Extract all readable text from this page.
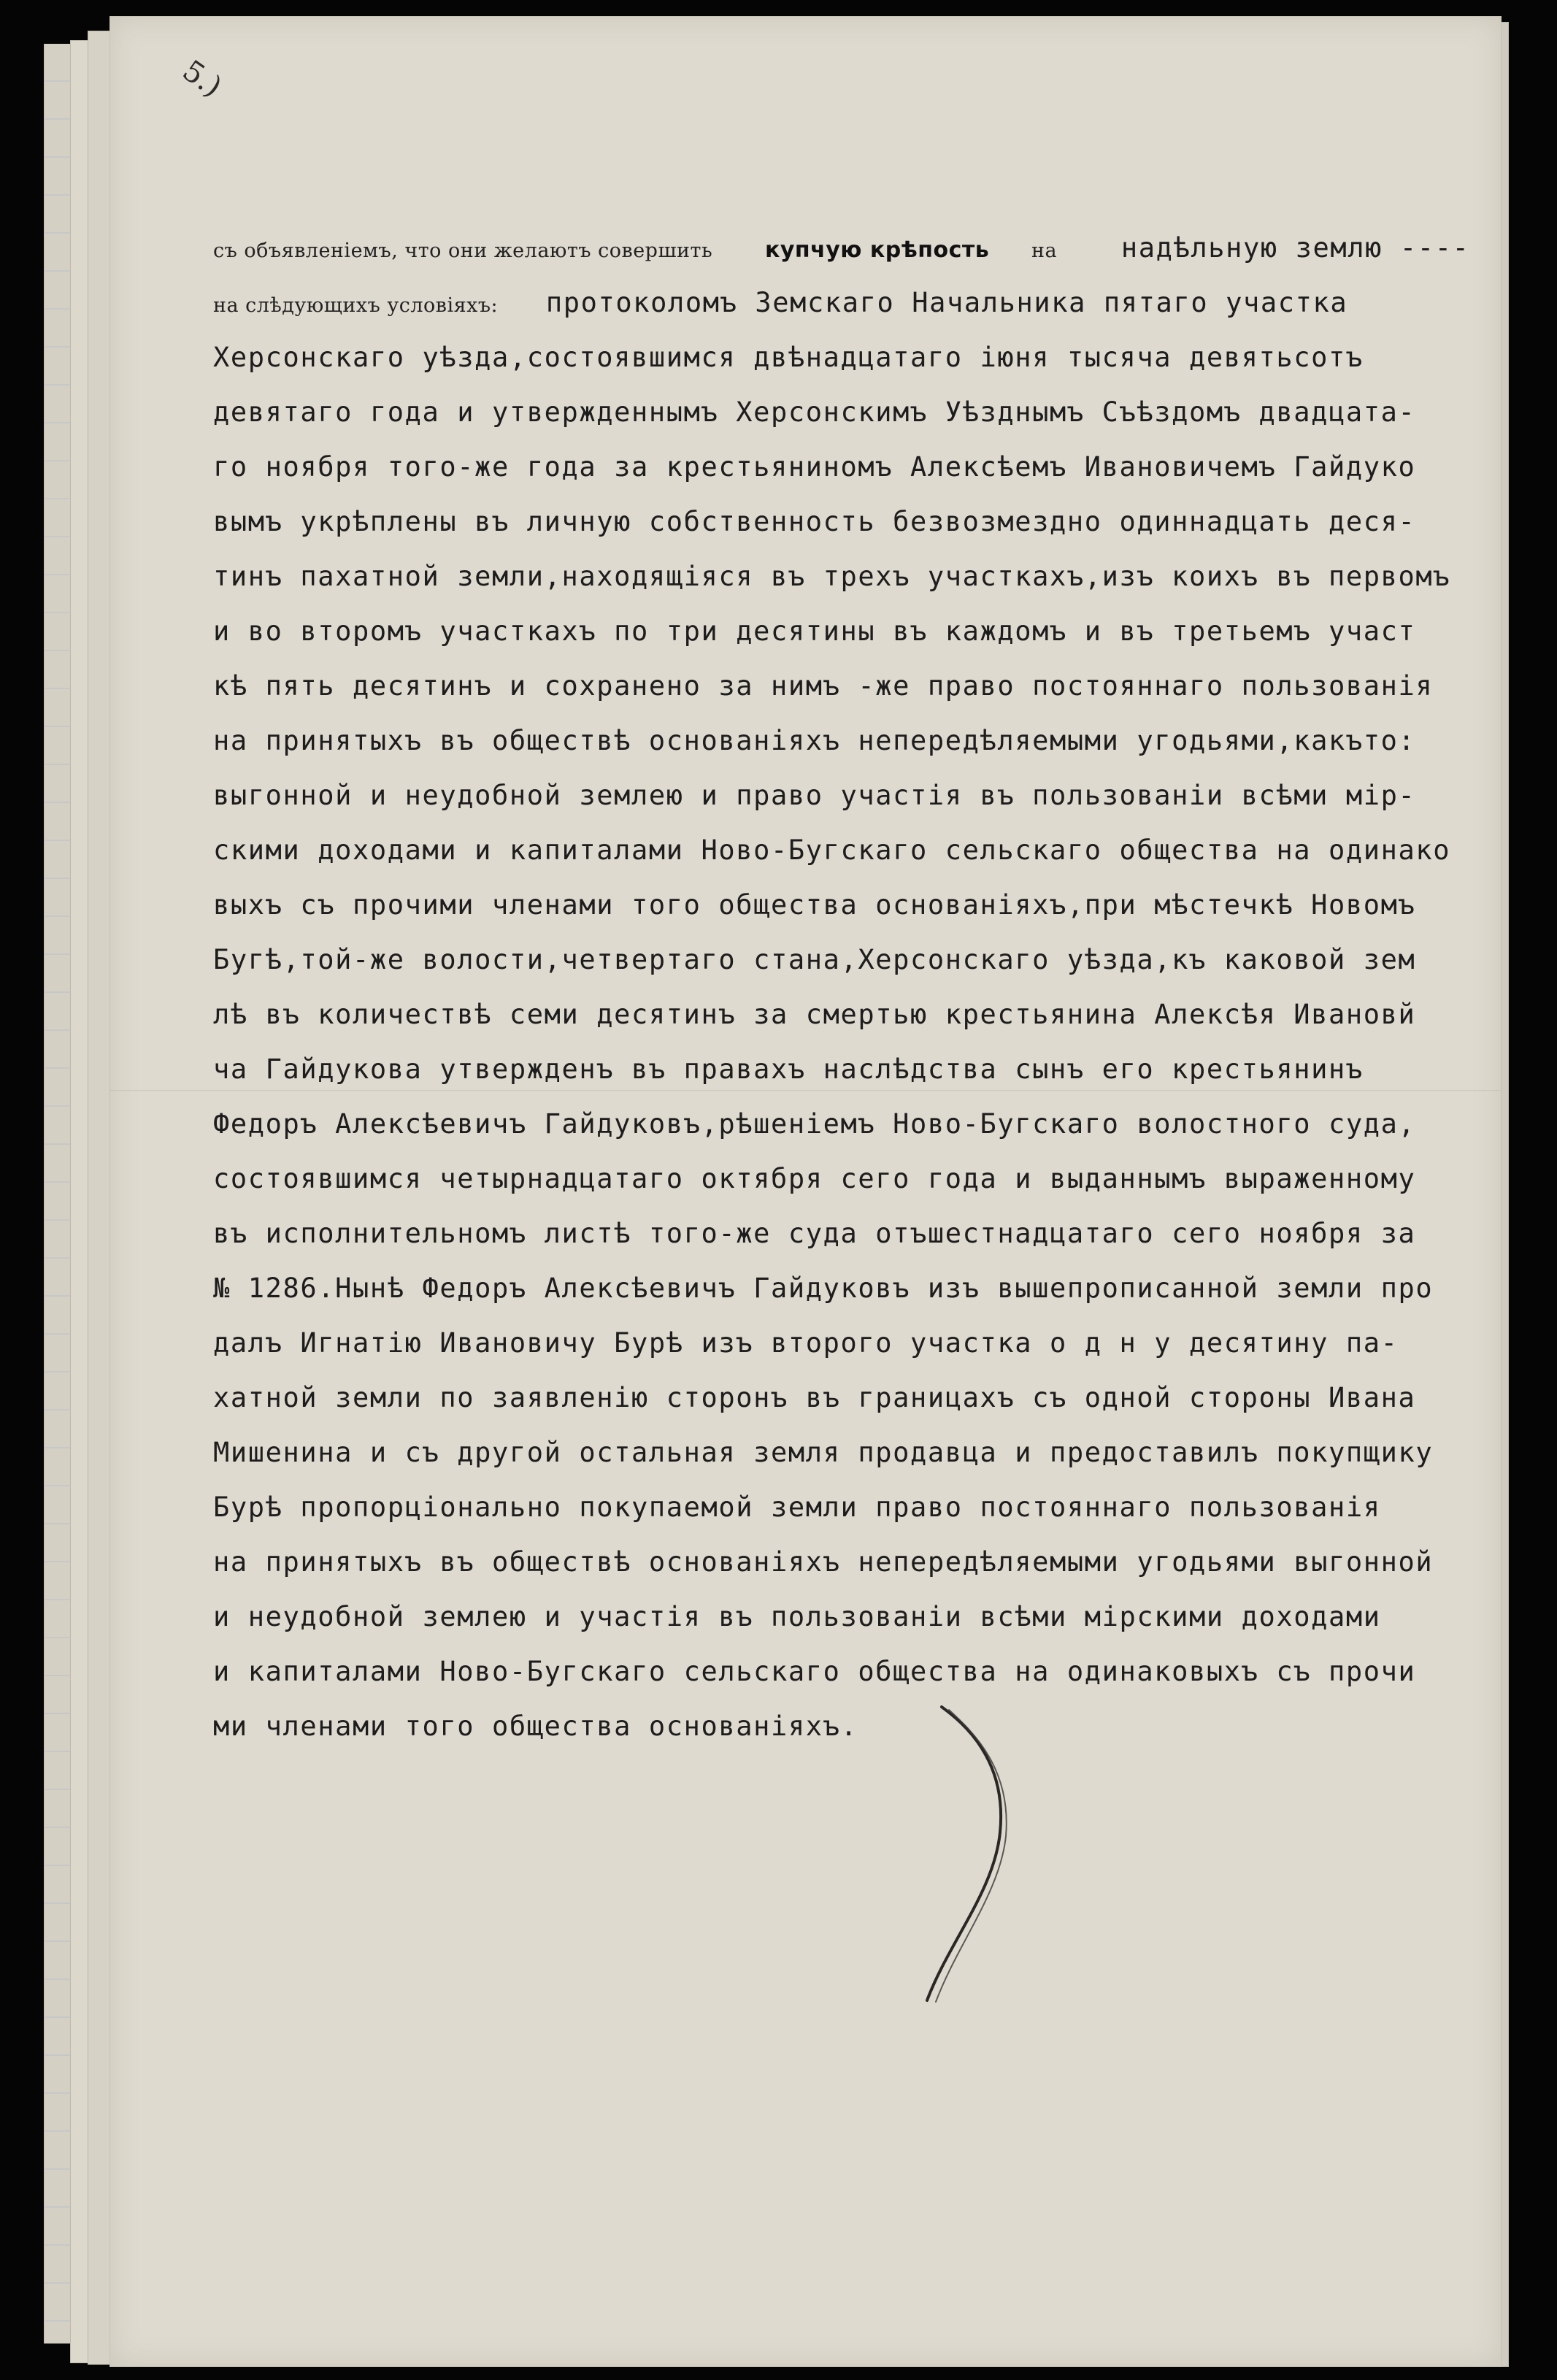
5.)

съ объявленіемъ, что они желаютъ совершить купчую крѣпость на надѣльную землю ----
на слѣдующихъ условіяхъ: протоколомъ Земскаго Начальника пятаго участка
Херсонскаго уѣзда,состоявшимся двѣнадцатаго іюня тысяча девятьсотъ
девятаго года и утвержденнымъ Херсонскимъ Уѣзднымъ Съѣздомъ двадцата-
го ноября того-же года за крестьяниномъ Алексѣемъ Ивановичемъ Гайдуко
вымъ укрѣплены въ личную собственность безвозмездно одиннадцать деся-
тинъ пахатной земли,находящіяся въ трехъ участкахъ,изъ коихъ въ первомъ
и во второмъ участкахъ по три десятины въ каждомъ и въ третьемъ участ
кѣ пять десятинъ и сохранено за нимъ -же право постояннаго пользованія
на принятыхъ въ обществѣ основаніяхъ непередѣляемыми угодьями,какъто:
выгонной и неудобной землею и право участія въ пользованіи всѣми мір-
скими доходами и капиталами Ново-Бугскаго сельскаго общества на одинако
выхъ съ прочими членами того общества основаніяхъ,при мѣстечкѣ Новомъ
Бугѣ,той-же волости,четвертаго стана,Херсонскаго уѣзда,къ каковой зем
лѣ въ количествѣ семи десятинъ за смертью крестьянина Алексѣя Ивановй
ча Гайдукова утвержденъ въ правахъ наслѣдства сынъ его крестьянинъ
Федоръ Алексѣевичъ Гайдуковъ,рѣшеніемъ Ново-Бугскаго волостного суда,
состоявшимся четырнадцатаго октября сего года и выданнымъ выраженному
въ исполнительномъ листѣ того-же суда отъшестнадцатаго сего ноября за
№ 1286.Нынѣ Федоръ Алексѣевичъ Гайдуковъ изъ вышепрописанной земли про
далъ Игнатію Ивановичу Бурѣ изъ второго участка о д н у десятину па-
хатной земли по заявленію сторонъ въ границахъ съ одной стороны Ивана
Мишенина и съ другой остальная земля продавца и предоставилъ покупщику
Бурѣ пропорціонально покупаемой земли право постояннаго пользованія
на принятыхъ въ обществѣ основаніяхъ непередѣляемыми угодьями выгонной
и неудобной землею и участія въ пользованіи всѣми мірскими доходами
и капиталами Ново-Бугскаго сельскаго общества на одинаковыхъ съ прочи
ми членами того общества основаніяхъ.
